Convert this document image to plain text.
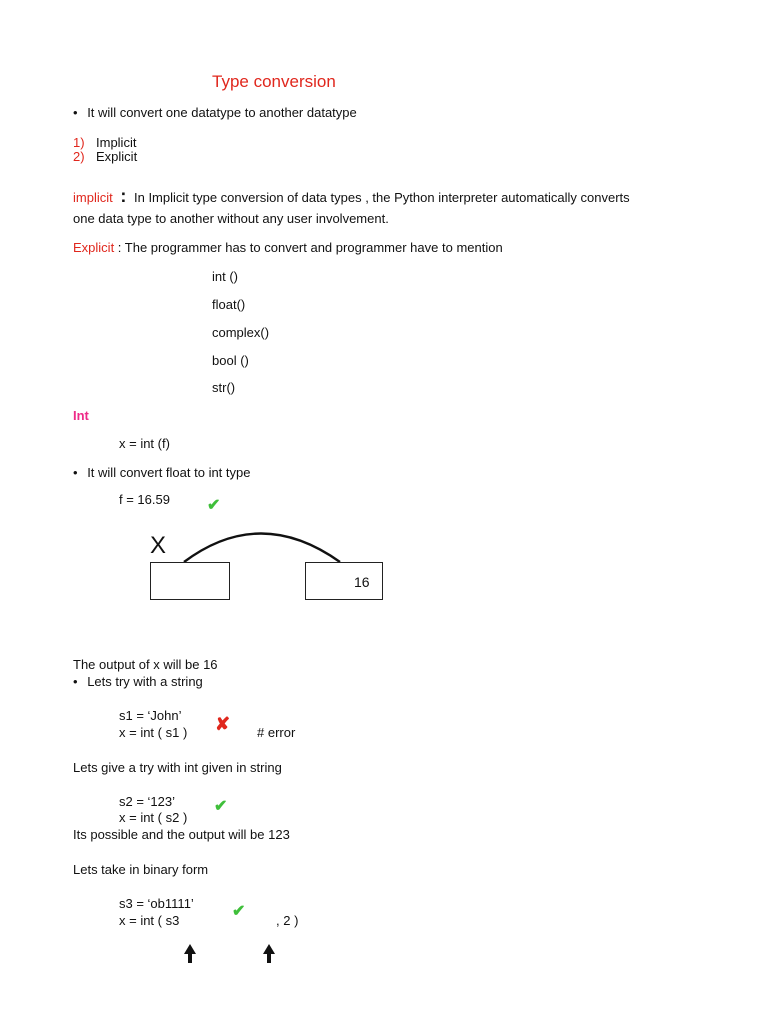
Type conversion
• It will convert one datatype to another datatype
1) Implicit
2) Explicit
implicit : In Implicit type conversion of data types , the Python interpreter automatically converts
one data type to another without any user involvement.
Explicit : The programmer has to convert and programmer have to mention
int ()
float()
complex()
bool ()
str()
Int
x = int (f)
• It will convert float to int type
f = 16.59 ✔
X
16
The output of x will be 16
• Lets try with a string
s1 = ‘John’
x = int ( s1 ) ✘ # error
Lets give a try with int given in string
s2 = ‘123’ ✔
x = int ( s2 )
Its possible and the output will be 123
Lets take in binary form
s3 = ‘ob1111’ ✔
x = int ( s3	, 2 )
